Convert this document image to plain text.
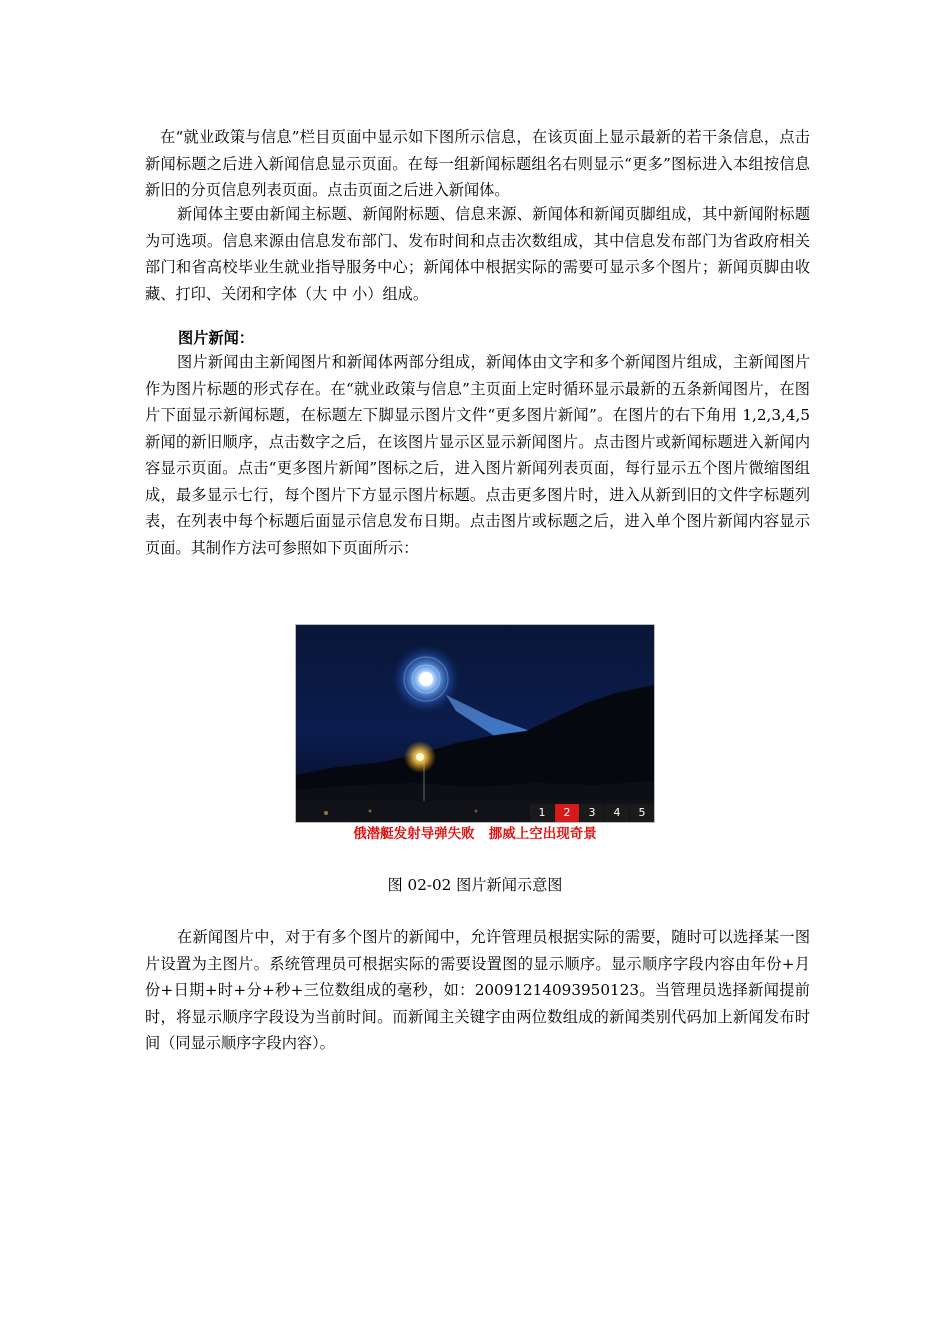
在“就业政策与信息”栏目页面中显示如下图所示信息，在该页面上显示最新的若干条信息，点击新闻标题之后进入新闻信息显示页面。在每一组新闻标题组名右则显示“更多”图标进入本组按信息新旧的分页信息列表页面。点击页面之后进入新闻体。

新闻体主要由新闻主标题、新闻附标题、信息来源、新闻体和新闻页脚组成，其中新闻附标题为可选项。信息来源由信息发布部门、发布时间和点击次数组成，其中信息发布部门为省政府相关部门和省高校毕业生就业指导服务中心；新闻体中根据实际的需要可显示多个图片；新闻页脚由收藏、打印、关闭和字体（大 中 小）组成。

图片新闻：

图片新闻由主新闻图片和新闻体两部分组成，新闻体由文字和多个新闻图片组成，主新闻图片作为图片标题的形式存在。在“就业政策与信息”主页面上定时循环显示最新的五条新闻图片，在图片下面显示新闻标题，在标题左下脚显示图片文件“更多图片新闻”。在图片的右下角用 1,2,3,4,5 新闻的新旧顺序，点击数字之后，在该图片显示区显示新闻图片。点击图片或新闻标题进入新闻内容显示页面。点击“更多图片新闻”图标之后，进入图片新闻列表页面，每行显示五个图片微缩图组成，最多显示七行，每个图片下方显示图片标题。点击更多图片时，进入从新到旧的文件字标题列表，在列表中每个标题后面显示信息发布日期。点击图片或标题之后，进入单个图片新闻内容显示页面。其制作方法可参照如下页面所示：

1	2	3	4	5
俄潜艇发射导弹失败   挪威上空出现奇景

图 02-02 图片新闻示意图

在新闻图片中，对于有多个图片的新闻中，允许管理员根据实际的需要，随时可以选择某一图片设置为主图片。系统管理员可根据实际的需要设置图的显示顺序。显示顺序字段内容由年份+月份+日期+时+分+秒+三位数组成的毫秒，如：20091214093950123。当管理员选择新闻提前时，将显示顺序字段设为当前时间。而新闻主关键字由两位数组成的新闻类别代码加上新闻发布时间（同显示顺序字段内容）。
